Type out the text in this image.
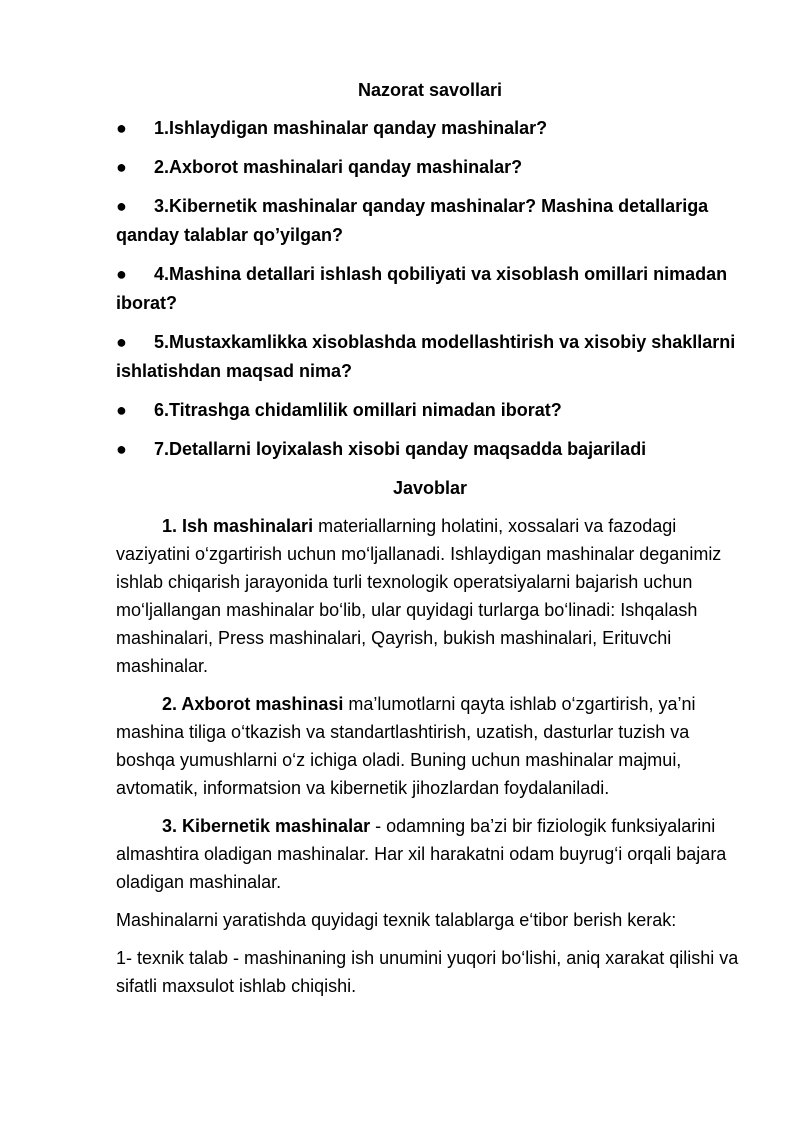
Nazorat savollari
● 1.Ishlaydigan mashinalar qanday mashinalar?
● 2.Axborot mashinalari qanday mashinalar?
● 3.Kibernetik mashinalar qanday mashinalar? Mashina detallariga qanday talablar qo’yilgan?
● 4.Mashina detallari ishlash qobiliyati va xisoblash omillari nimadan iborat?
● 5.Mustaxkamlikka xisoblashda modellashtirish va xisobiy shakllarni ishlatishdan maqsad nima?
● 6.Titrashga chidamlilik omillari nimadan iborat?
● 7.Detallarni loyixalash xisobi qanday maqsadda bajariladi
Javoblar

1. Ish mashinalari materiallarning holatini, xossalari va fazodagi vaziyatini o‘zgartirish uchun mo‘ljallanadi. Ishlaydigan mashinalar deganimiz ishlab chiqarish jarayonida turli texnologik operatsiyalarni bajarish uchun mo‘ljallangan mashinalar bo‘lib, ular quyidagi turlarga bo‘linadi: Ishqalash mashinalari, Press mashinalari, Qayrish, bukish mashinalari, Erituvchi mashinalar.

2. Axborot mashinasi ma’lumotlarni qayta ishlab o‘zgartirish, ya’ni mashina tiliga o‘tkazish va standartlashtirish, uzatish, dasturlar tuzish va boshqa yumushlarni o‘z ichiga oladi. Buning uchun mashinalar majmui, avtomatik, informatsion va kibernetik jihozlardan foydalaniladi.

3. Kibernetik mashinalar - odamning ba’zi bir fiziologik funksiyalarini almashtira oladigan mashinalar. Har xil harakatni odam buyrug‘i orqali bajara oladigan mashinalar.

Mashinalarni yaratishda quyidagi texnik talablarga e‘tibor berish kerak:

1- texnik talab - mashinaning ish unumini yuqori bo‘lishi, aniq xarakat qilishi va sifatli maxsulot ishlab chiqishi.
